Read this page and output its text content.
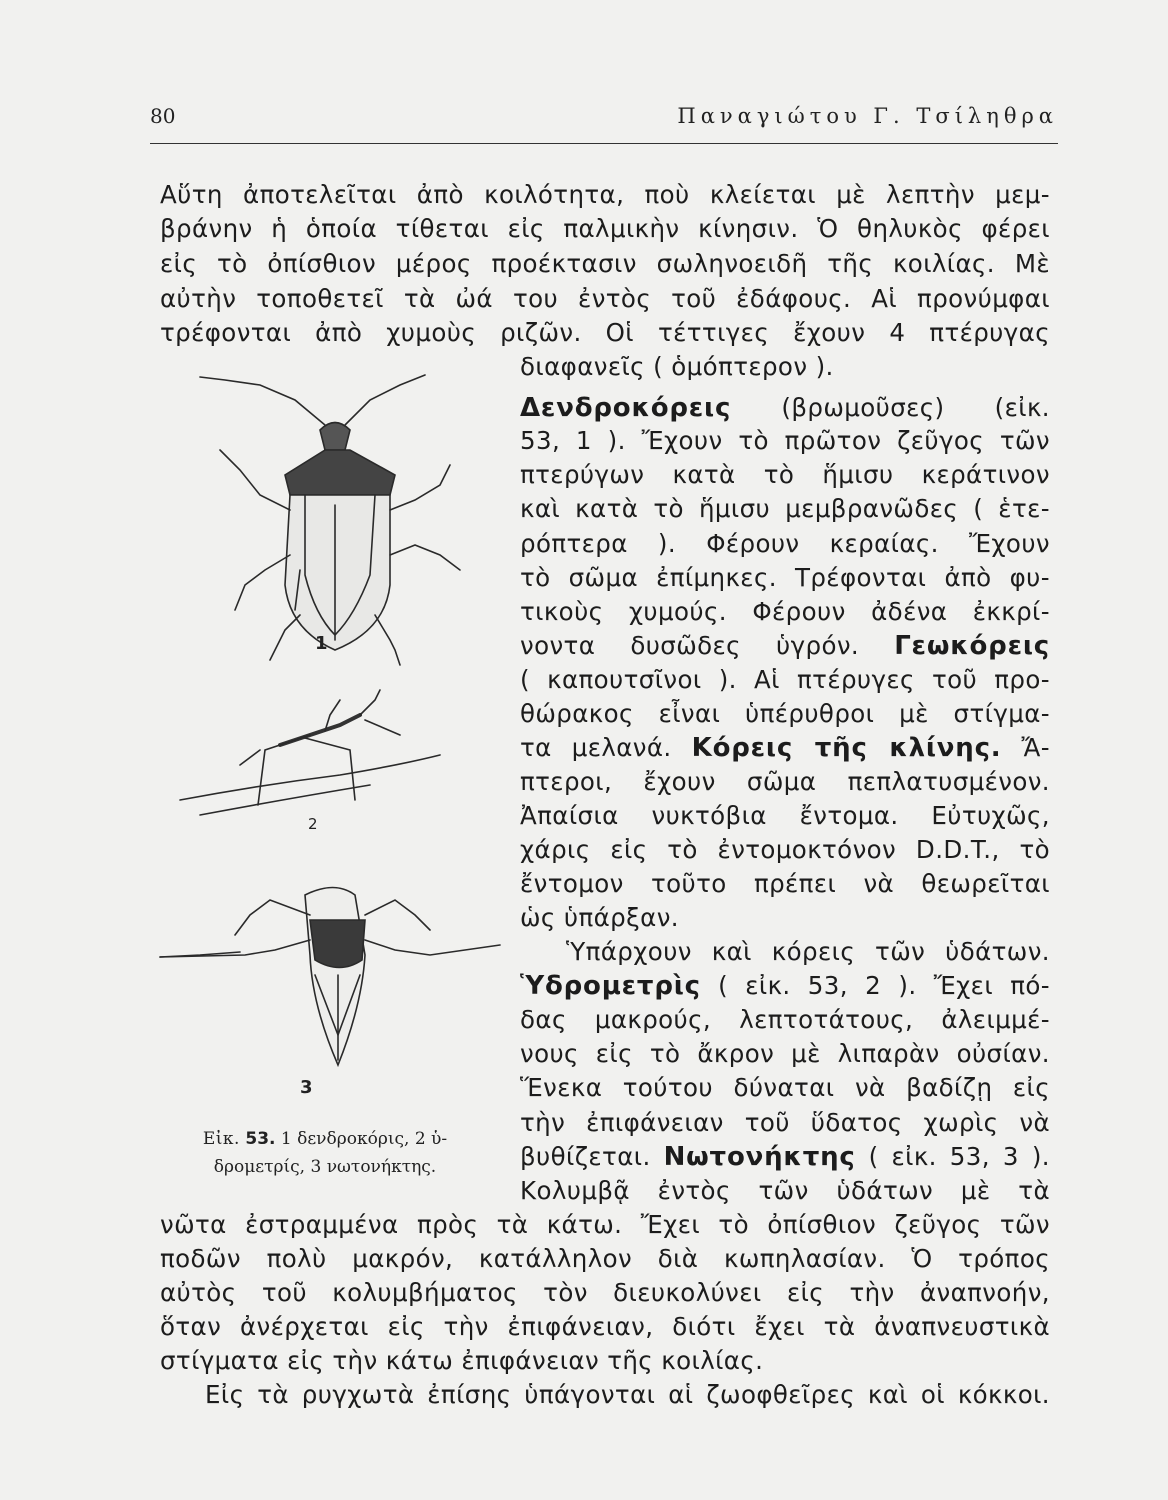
80	Παναγιώτου Γ. Τσίληθρα
Αὕτη ἀποτελεῖται ἀπὸ κοιλότητα, ποὺ κλείεται μὲ λεπτὴν μεμ-
βράνην ἡ ὁποία τίθεται εἰς παλμικὴν κίνησιν. Ὁ θηλυκὸς φέρει
εἰς τὸ ὀπίσθιον μέρος προέκτασιν σωληνοειδῆ τῆς κοιλίας. Μὲ
αὐτὴν τοποθετεῖ τὰ ὠά του ἐντὸς τοῦ ἐδάφους. Αἱ προνύμφαι
τρέφονται ἀπὸ χυμοὺς ριζῶν. Οἱ τέττιγες ἔχουν 4 πτέρυγας
διαφανεῖς ( ὁμόπτερον ).
Δενδροκόρεις (βρωμοῦσες) (εἰκ.
53, 1 ). Ἔχουν τὸ πρῶτον ζεῦγος τῶν
πτερύγων κατὰ τὸ ἥμισυ κεράτινον
καὶ κατὰ τὸ ἥμισυ μεμβρανῶδες ( ἑτε-
ρόπτερα ). Φέρουν κεραίας. Ἔχουν
τὸ σῶμα ἐπίμηκες. Τρέφονται ἀπὸ φυ-
τικοὺς χυμούς. Φέρουν ἀδένα ἐκκρί-
νοντα δυσῶδες ὑγρόν. Γεωκόρεις
( καπουτσῖνοι ). Αἱ πτέρυγες τοῦ προ-
θώρακος εἶναι ὑπέρυθροι μὲ στίγμα-
τα μελανά. Κόρεις τῆς κλίνης. Ἄ-
πτεροι, ἔχουν σῶμα πεπλατυσμένον.
Ἀπαίσια νυκτόβια ἔντομα. Εὐτυχῶς,
χάρις εἰς τὸ ἐντομοκτόνον D.D.T., τὸ
ἔντομον τοῦτο πρέπει νὰ θεωρεῖται
ὡς ὑπάρξαν.
Ὑπάρχουν καὶ κόρεις τῶν ὑδάτων.
Ὑδρομετρὶς ( εἰκ. 53, 2 ). Ἔχει πό-
δας μακρούς, λεπτοτάτους, ἀλειμμέ-
νους εἰς τὸ ἄκρον μὲ λιπαρὰν οὐσίαν.
Ἕνεκα τούτου δύναται νὰ βαδίζῃ εἰς
τὴν ἐπιφάνειαν τοῦ ὕδατος χωρὶς νὰ
βυθίζεται. Νωτονήκτης ( εἰκ. 53, 3 ).
Κολυμβᾷ ἐντὸς τῶν ὑδάτων μὲ τὰ
νῶτα ἐστραμμένα πρὸς τὰ κάτω. Ἔχει τὸ ὀπίσθιον ζεῦγος τῶν
ποδῶν πολὺ μακρόν, κατάλληλον διὰ κωπηλασίαν. Ὁ τρόπος
αὐτὸς τοῦ κολυμβήματος τὸν διευκολύνει εἰς τὴν ἀναπνοήν,
ὅταν ἀνέρχεται εἰς τὴν ἐπιφάνειαν, διότι ἔχει τὰ ἀναπνευστικὰ
στίγματα εἰς τὴν κάτω ἐπιφάνειαν τῆς κοιλίας.
Εἰς τὰ ρυγχωτὰ ἐπίσης ὑπάγονται αἱ ζωοφθεῖρες καὶ οἱ κόκκοι.
1
2
3
Εἰκ. 53. 1 δενδροκόρις, 2 ὑ-
δρομετρίς, 3 νωτονήκτης.
